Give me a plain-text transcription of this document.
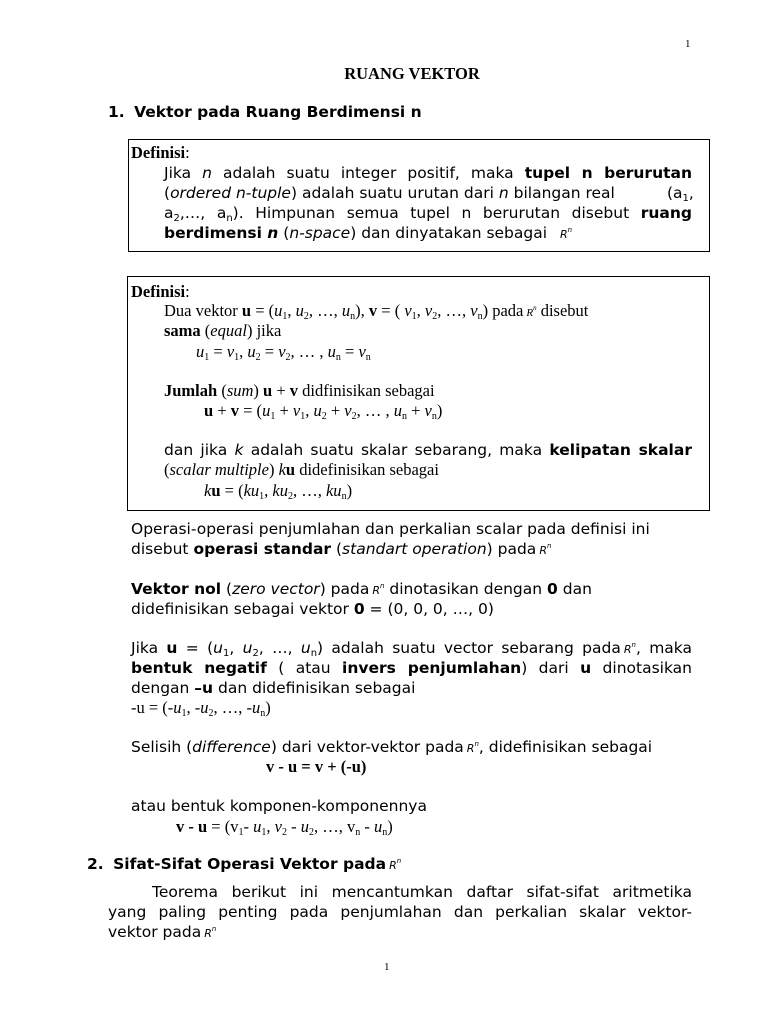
1
RUANG VEKTOR
1. Vektor pada Ruang Berdimensi n
Definisi:
Jika n adalah suatu integer positif, maka tupel n berurutan
(ordered n-tuple) adalah suatu urutan dari n bilangan real	($a_1$,
$a_2,\dots$, $a_n$). Himpunan semua tupel n berurutan disebut ruang
berdimensi n (n-space) dan dinyatakan sebagai $R^n$
Definisi:
Dua vektor $u = (u_1$, $u_2$, …, $u_n$), v = ( $v_1$, $v_2$, …, $v_n$) pada $R^n$ disebut
sama (equal) jika
$u_1 = v_1$, $u_2 = v_2$, … , $u_n = v_n$
Jumlah (sum) u + v didfinisikan sebagai
$u + v = (u_1 + v_1$, $u_2 + v_2$, … , $u_n + v_n$)
dan jika k adalah suatu skalar sebarang, maka kelipatan skalar
(scalar multiple) ku didefinisikan sebagai
ku = ($ku_1$, $ku_2$, …, $ku_n$)
Operasi-operasi penjumlahan dan perkalian scalar pada definisi ini
disebut operasi standar (standart operation) pada $R^n$
Vektor nol (zero vector) pada $R^n$ dinotasikan dengan 0 dan
didefinisikan sebagai vektor 0 = (0, 0, 0, …, 0)
Jika $u = (u_1$, $u_2$, …, $u_n$) adalah suatu vector sebarang pada $R^n$, maka
bentuk negatif ( atau invers penjumlahan) dari u dinotasikan
dengan –u dan didefinisikan sebagai
$-u = (-u_1$, $-u_2$, …, $-u_n$)
Selisih (difference) dari vektor-vektor pada $R^n$, didefinisikan sebagai
v - u = v + (-u)
atau bentuk komponen-komponennya
$v - u = (v_1-$ $u_1$, $v_2 - u_2$, …, $v_n - u_n$)
2. Sifat-Sifat Operasi Vektor pada $R^n$
Teorema berikut ini mencantumkan daftar sifat-sifat aritmetika
yang paling penting pada penjumlahan dan perkalian skalar vektor-
vektor pada $R^n$
1
